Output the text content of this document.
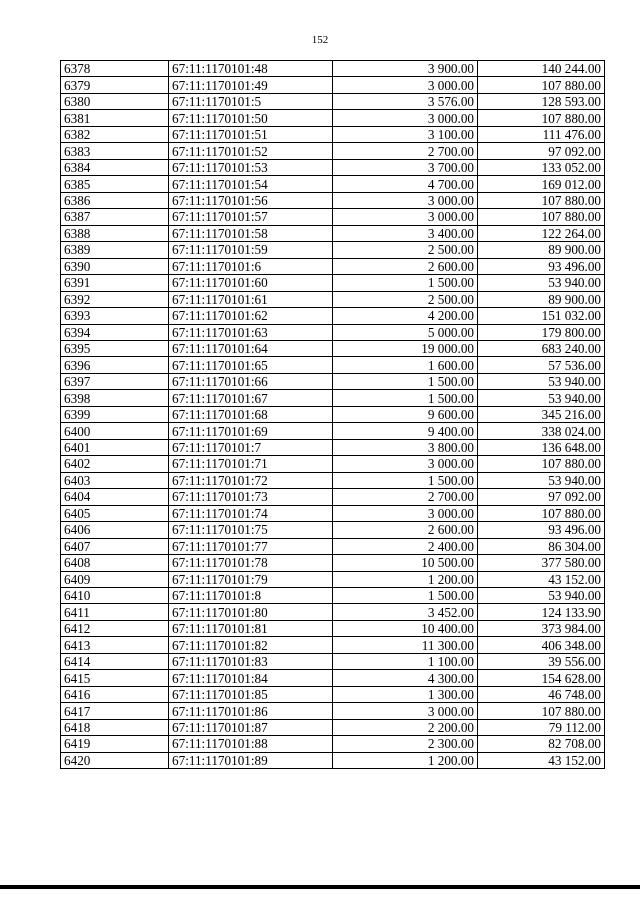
152
6378	67:11:1170101:48	3 900.00	140 244.00
6379	67:11:1170101:49	3 000.00	107 880.00
6380	67:11:1170101:5	3 576.00	128 593.00
6381	67:11:1170101:50	3 000.00	107 880.00
6382	67:11:1170101:51	3 100.00	111 476.00
6383	67:11:1170101:52	2 700.00	97 092.00
6384	67:11:1170101:53	3 700.00	133 052.00
6385	67:11:1170101:54	4 700.00	169 012.00
6386	67:11:1170101:56	3 000.00	107 880.00
6387	67:11:1170101:57	3 000.00	107 880.00
6388	67:11:1170101:58	3 400.00	122 264.00
6389	67:11:1170101:59	2 500.00	89 900.00
6390	67:11:1170101:6	2 600.00	93 496.00
6391	67:11:1170101:60	1 500.00	53 940.00
6392	67:11:1170101:61	2 500.00	89 900.00
6393	67:11:1170101:62	4 200.00	151 032.00
6394	67:11:1170101:63	5 000.00	179 800.00
6395	67:11:1170101:64	19 000.00	683 240.00
6396	67:11:1170101:65	1 600.00	57 536.00
6397	67:11:1170101:66	1 500.00	53 940.00
6398	67:11:1170101:67	1 500.00	53 940.00
6399	67:11:1170101:68	9 600.00	345 216.00
6400	67:11:1170101:69	9 400.00	338 024.00
6401	67:11:1170101:7	3 800.00	136 648.00
6402	67:11:1170101:71	3 000.00	107 880.00
6403	67:11:1170101:72	1 500.00	53 940.00
6404	67:11:1170101:73	2 700.00	97 092.00
6405	67:11:1170101:74	3 000.00	107 880.00
6406	67:11:1170101:75	2 600.00	93 496.00
6407	67:11:1170101:77	2 400.00	86 304.00
6408	67:11:1170101:78	10 500.00	377 580.00
6409	67:11:1170101:79	1 200.00	43 152.00
6410	67:11:1170101:8	1 500.00	53 940.00
6411	67:11:1170101:80	3 452.00	124 133.90
6412	67:11:1170101:81	10 400.00	373 984.00
6413	67:11:1170101:82	11 300.00	406 348.00
6414	67:11:1170101:83	1 100.00	39 556.00
6415	67:11:1170101:84	4 300.00	154 628.00
6416	67:11:1170101:85	1 300.00	46 748.00
6417	67:11:1170101:86	3 000.00	107 880.00
6418	67:11:1170101:87	2 200.00	79 112.00
6419	67:11:1170101:88	2 300.00	82 708.00
6420	67:11:1170101:89	1 200.00	43 152.00
